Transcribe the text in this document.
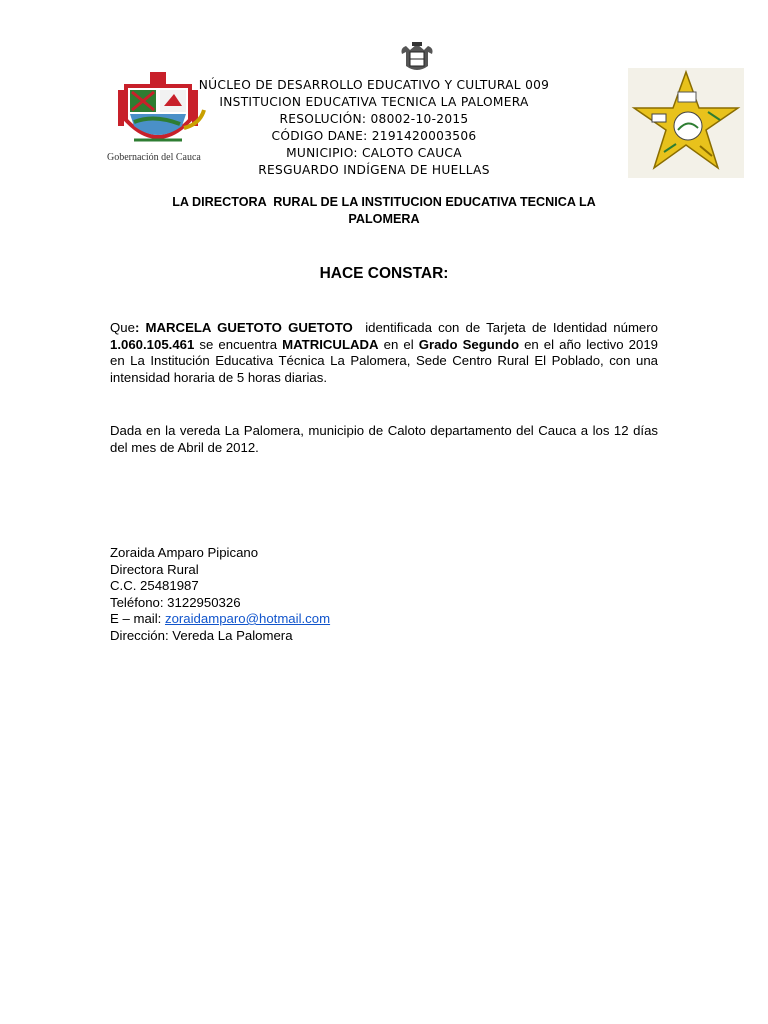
Gobernación del Cauca
NÚCLEO DE DESARROLLO EDUCATIVO Y CULTURAL 009
INSTITUCION EDUCATIVA TECNICA LA PALOMERA
RESOLUCIÓN: 08002-10-2015
CÓDIGO DANE: 2191420003506
MUNICIPIO: CALOTO CAUCA
RESGUARDO INDÍGENA DE HUELLAS
LA DIRECTORA  RURAL DE LA INSTITUCION EDUCATIVA TECNICA LA
PALOMERA
HACE CONSTAR:
Que: MARCELA GUETOTO GUETOTO  identificada con de Tarjeta de Identidad número 1.060.105.461 se encuentra MATRICULADA en el Grado Segundo en el año lectivo 2019 en La Institución Educativa Técnica La Palomera, Sede Centro Rural El Poblado, con una intensidad horaria de 5 horas diarias.
Dada en la vereda La Palomera, municipio de Caloto departamento del Cauca a los 12 días del mes de Abril de 2012.
Zoraida Amparo Pipicano
Directora Rural
C.C. 25481987
Teléfono: 3122950326
E – mail: zoraidamparo@hotmail.com
Dirección: Vereda La Palomera
